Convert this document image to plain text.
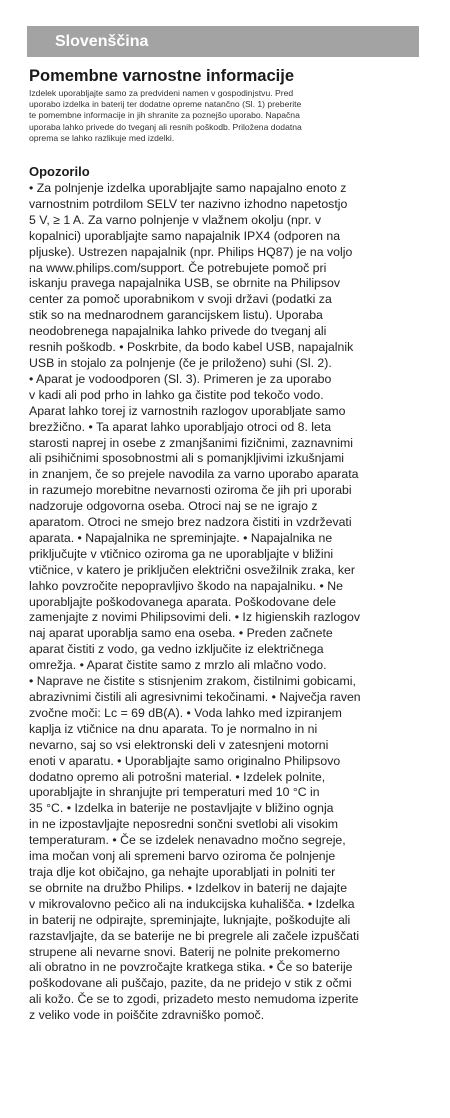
Slovenščina
Pomembne varnostne informacije
Izdelek uporabljajte samo za predvideni namen v gospodinjstvu. Pred
uporabo izdelka in baterij ter dodatne opreme natančno (Sl. 1) preberite
te pomembne informacije in jih shranite za poznejšo uporabo. Napačna
uporaba lahko privede do tveganj ali resnih poškodb. Priložena dodatna
oprema se lahko razlikuje med izdelki.
Opozorilo
• Za polnjenje izdelka uporabljajte samo napajalno enoto z
varnostnim potrdilom SELV ter nazivno izhodno napetostjo
5 V, ≥ 1 A. Za varno polnjenje v vlažnem okolju (npr. v
kopalnici) uporabljajte samo napajalnik IPX4 (odporen na
pljuske). Ustrezen napajalnik (npr. Philips HQ87) je na voljo
na www.philips.com/support. Če potrebujete pomoč pri
iskanju pravega napajalnika USB, se obrnite na Philipsov
center za pomoč uporabnikom v svoji državi (podatki za
stik so na mednarodnem garancijskem listu). Uporaba
neodobrenega napajalnika lahko privede do tveganj ali
resnih poškodb. • Poskrbite, da bodo kabel USB, napajalnik
USB in stojalo za polnjenje (če je priloženo) suhi (Sl. 2).
• Aparat je vodoodporen (Sl. 3). Primeren je za uporabo
v kadi ali pod prho in lahko ga čistite pod tekočo vodo.
Aparat lahko torej iz varnostnih razlogov uporabljate samo
brezžično. • Ta aparat lahko uporabljajo otroci od 8. leta
starosti naprej in osebe z zmanjšanimi fizičnimi, zaznavnimi
ali psihičnimi sposobnostmi ali s pomanjkljivimi izkušnjami
in znanjem, če so prejele navodila za varno uporabo aparata
in razumejo morebitne nevarnosti oziroma če jih pri uporabi
nadzoruje odgovorna oseba. Otroci naj se ne igrajo z
aparatom. Otroci ne smejo brez nadzora čistiti in vzdrževati
aparata. • Napajalnika ne spreminjajte. • Napajalnika ne
priključujte v vtičnico oziroma ga ne uporabljajte v bližini
vtičnice, v katero je priključen električni osvežilnik zraka, ker
lahko povzročite nepopravljivo škodo na napajalniku. • Ne
uporabljajte poškodovanega aparata. Poškodovane dele
zamenjajte z novimi Philipsovimi deli. • Iz higienskih razlogov
naj aparat uporablja samo ena oseba. • Preden začnete
aparat čistiti z vodo, ga vedno izključite iz električnega
omrežja. • Aparat čistite samo z mrzlo ali mlačno vodo.
• Naprave ne čistite s stisnjenim zrakom, čistilnimi gobicami,
abrazivnimi čistili ali agresivnimi tekočinami. • Največja raven
zvočne moči: Lc = 69 dB(A). • Voda lahko med izpiranjem
kaplja iz vtičnice na dnu aparata. To je normalno in ni
nevarno, saj so vsi elektronski deli v zatesnjeni motorni
enoti v aparatu. • Uporabljajte samo originalno Philipsovo
dodatno opremo ali potrošni material. • Izdelek polnite,
uporabljajte in shranjujte pri temperaturi med 10 °C in
35 °C. • Izdelka in baterije ne postavljajte v bližino ognja
in ne izpostavljajte neposredni sončni svetlobi ali visokim
temperaturam. • Če se izdelek nenavadno močno segreje,
ima močan vonj ali spremeni barvo oziroma če polnjenje
traja dlje kot običajno, ga nehajte uporabljati in polniti ter
se obrnite na družbo Philips. • Izdelkov in baterij ne dajajte
v mikrovalovno pečico ali na indukcijska kuhališča. • Izdelka
in baterij ne odpirajte, spreminjajte, luknjajte, poškodujte ali
razstavljajte, da se baterije ne bi pregrele ali začele izpuščati
strupene ali nevarne snovi. Baterij ne polnite prekomerno
ali obratno in ne povzročajte kratkega stika. • Če so baterije
poškodovane ali puščajo, pazite, da ne pridejo v stik z očmi
ali kožo. Če se to zgodi, prizadeto mesto nemudoma izperite
z veliko vode in poiščite zdravniško pomoč.
